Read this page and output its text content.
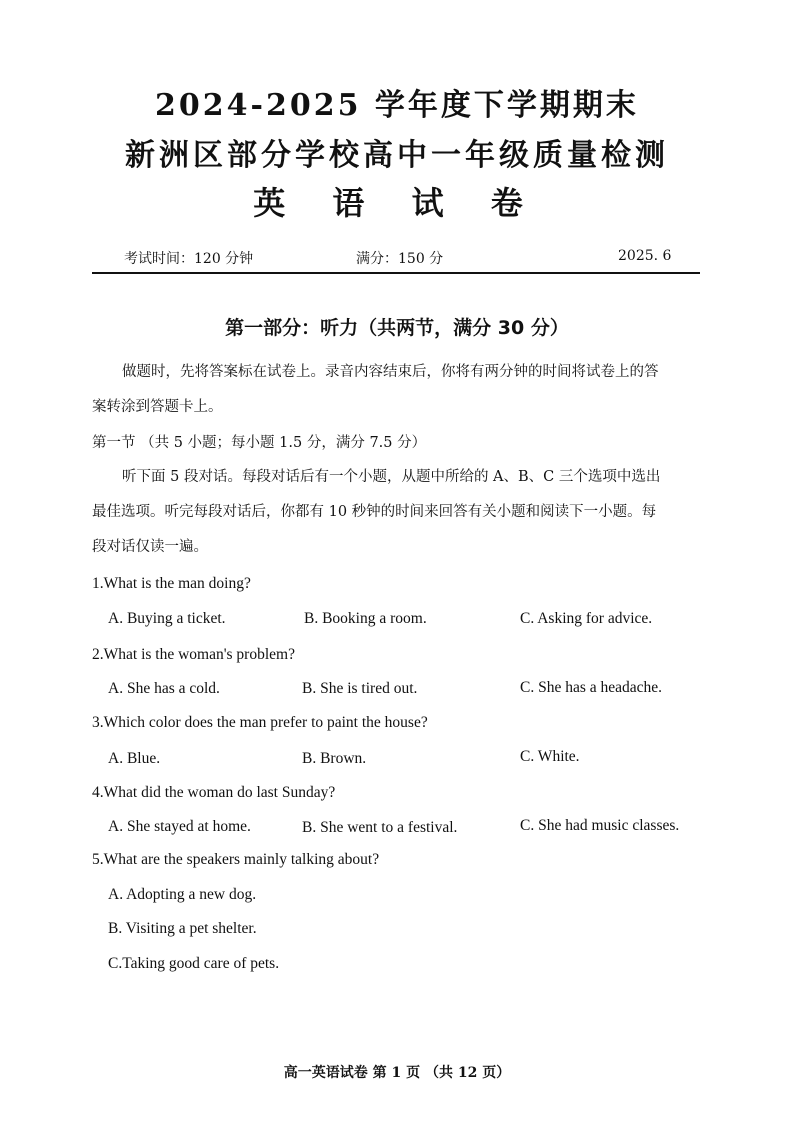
2024-2025 学年度下学期期末
新洲区部分学校高中一年级质量检测
英 语 试 卷
考试时间：120 分钟	满分：150 分	2025. 6
第一部分：听力（共两节，满分 30 分）
做题时，先将答案标在试卷上。录音内容结束后，你将有两分钟的时间将试卷上的答
案转涂到答题卡上。
第一节 （共 5 小题；每小题 1.5 分，满分 7.5 分）
听下面 5 段对话。每段对话后有一个小题，从题中所给的 A、B、C 三个选项中选出
最佳选项。听完每段对话后，你都有 10 秒钟的时间来回答有关小题和阅读下一小题。每
段对话仅读一遍。
1.What is the man doing?
A. Buying a ticket.	B. Booking a room.	C. Asking for advice.
2.What is the woman's problem?
A. She has a cold.	B. She is tired out.	C. She has a headache.
3.Which color does the man prefer to paint the house?
A. Blue.	B. Brown.	C. White.
4.What did the woman do last Sunday?
A. She stayed at home.	B. She went to a festival.	C. She had music classes.
5.What are the speakers mainly talking about?
A. Adopting a new dog.
B. Visiting a pet shelter.
C.Taking good care of pets.
高一英语试卷 第 1 页 （共 12 页）
